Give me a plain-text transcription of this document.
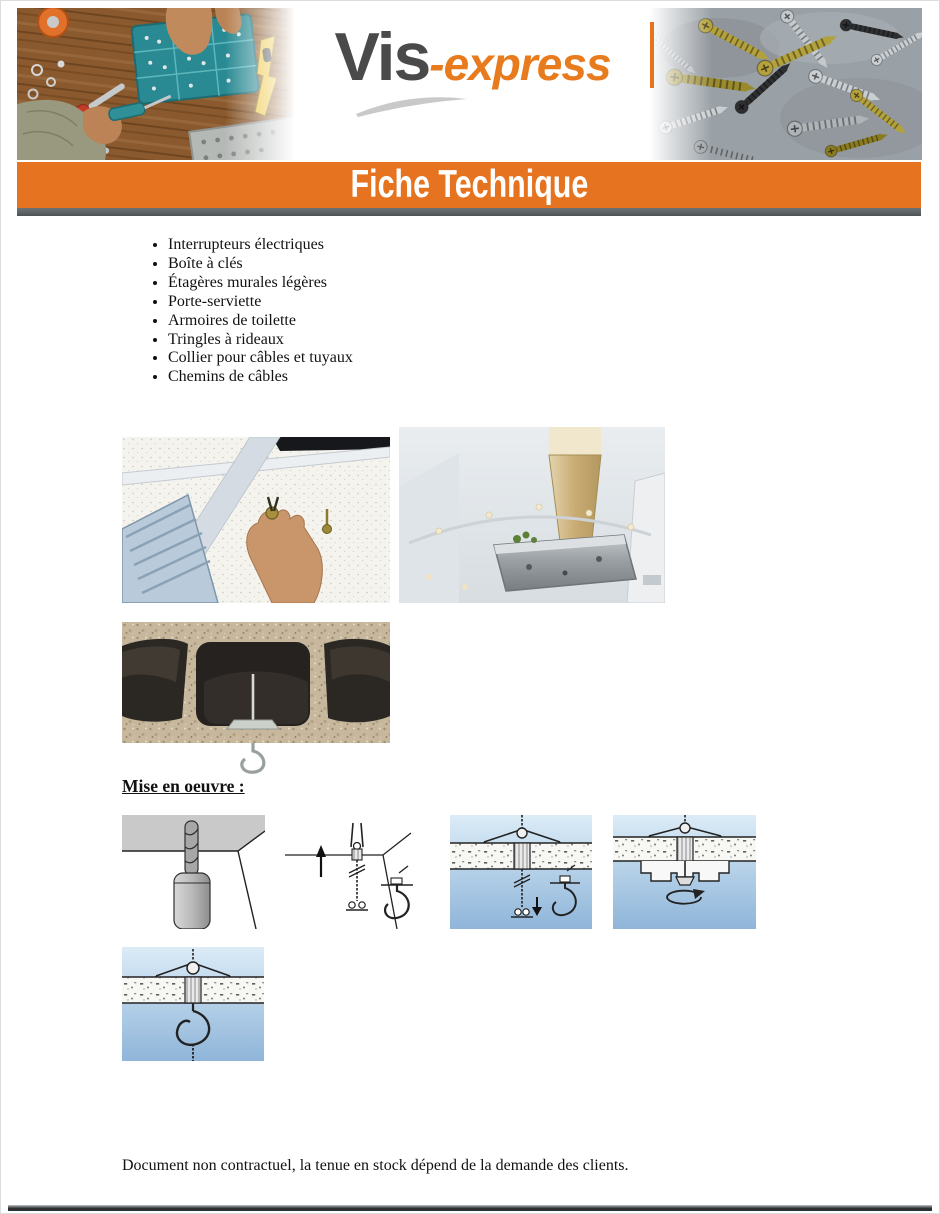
Vis -express
Fiche Technique
• Interrupteurs électriques
• Boîte à clés
• Étagères murales légères
• Porte-serviette
• Armoires de toilette
• Tringles à rideaux
• Collier pour câbles et tuyaux
• Chemins de câbles
Mise en oeuvre :
Document non contractuel, la tenue en stock dépend de la demande des clients.
